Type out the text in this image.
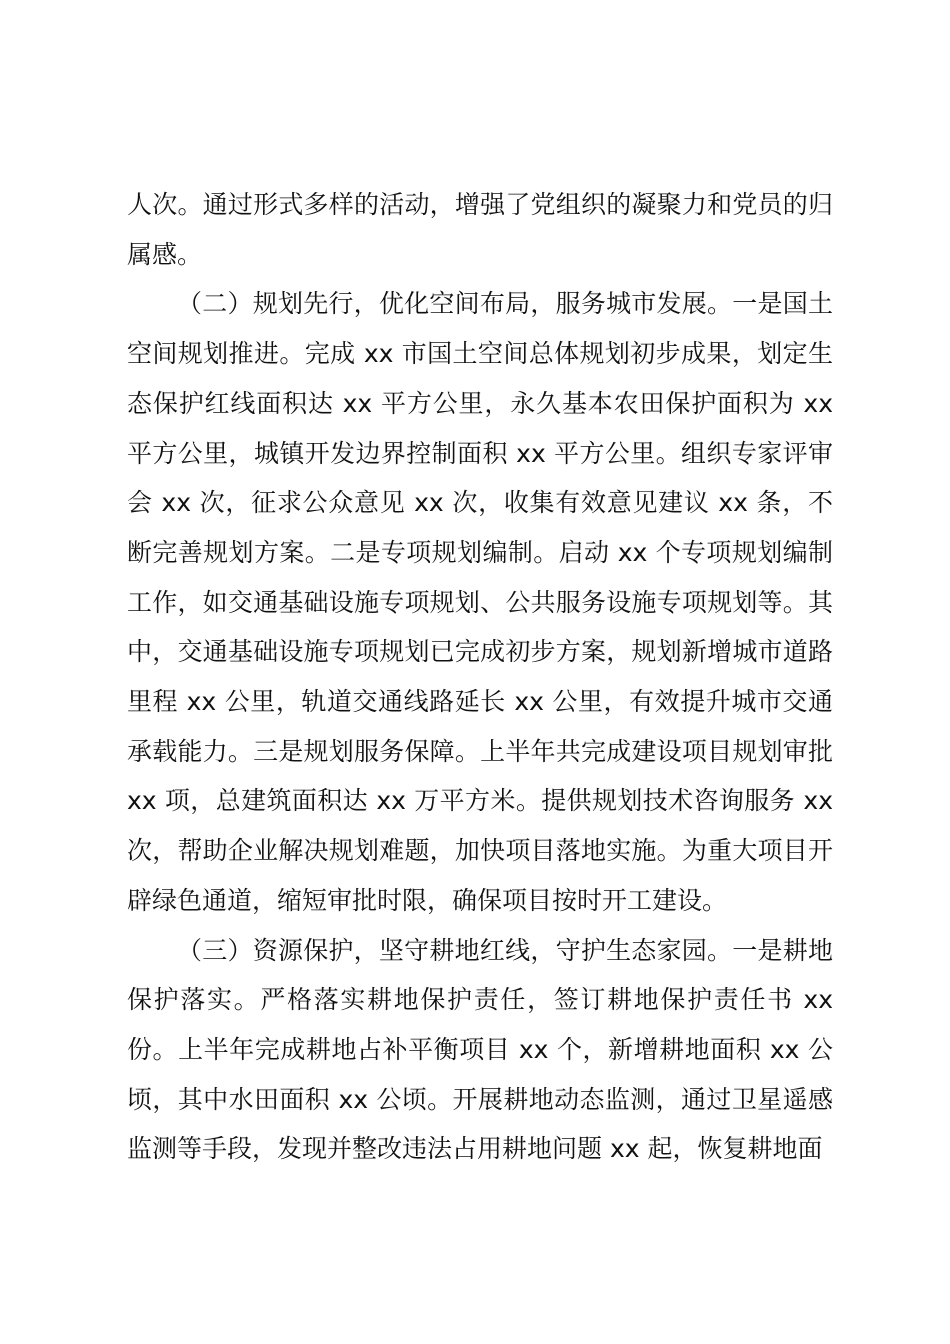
人次。通过形式多样的活动，增强了党组织的凝聚力和党员的归属感。

（二）规划先行，优化空间布局，服务城市发展。一是国土空间规划推进。完成 xx 市国土空间总体规划初步成果，划定生态保护红线面积达 xx 平方公里，永久基本农田保护面积为 xx 平方公里，城镇开发边界控制面积 xx 平方公里。组织专家评审会 xx 次，征求公众意见 xx 次，收集有效意见建议 xx 条，不断完善规划方案。二是专项规划编制。启动 xx 个专项规划编制工作，如交通基础设施专项规划、公共服务设施专项规划等。其中，交通基础设施专项规划已完成初步方案，规划新增城市道路里程 xx 公里，轨道交通线路延长 xx 公里，有效提升城市交通承载能力。三是规划服务保障。上半年共完成建设项目规划审批 xx 项，总建筑面积达 xx 万平方米。提供规划技术咨询服务 xx 次，帮助企业解决规划难题，加快项目落地实施。为重大项目开辟绿色通道，缩短审批时限，确保项目按时开工建设。

（三）资源保护，坚守耕地红线，守护生态家园。一是耕地保护落实。严格落实耕地保护责任，签订耕地保护责任书 xx 份。上半年完成耕地占补平衡项目 xx 个，新增耕地面积 xx 公顷，其中水田面积 xx 公顷。开展耕地动态监测，通过卫星遥感监测等手段，发现并整改违法占用耕地问题 xx 起，恢复耕地面
